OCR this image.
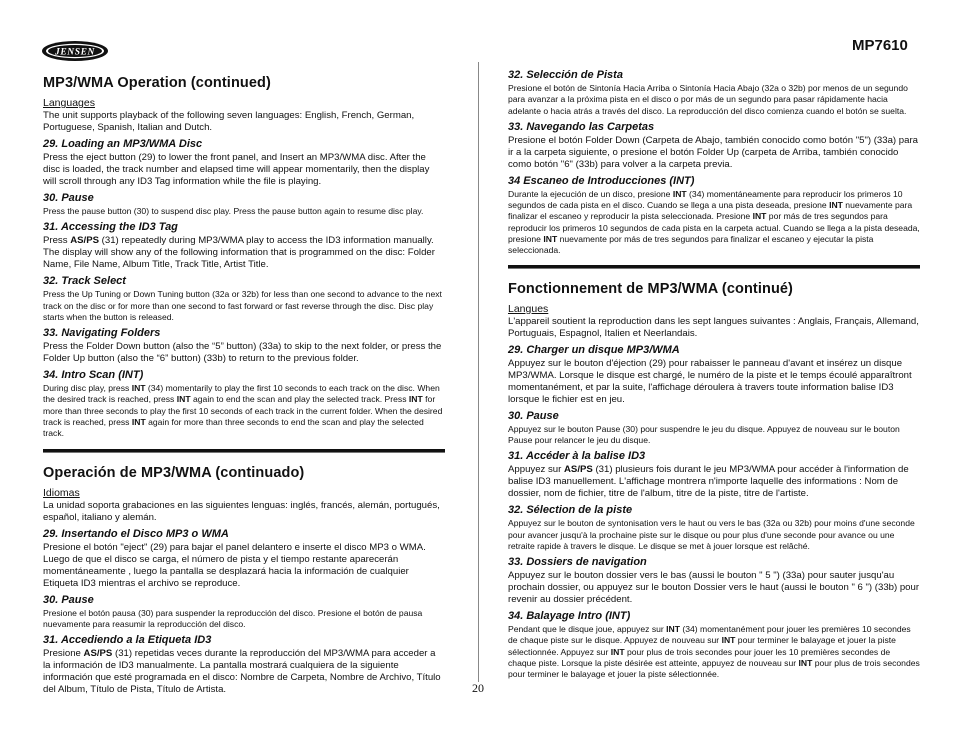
JENSEN	MP7610
MP3/WMA Operation (continued)
Languages

The unit supports playback of the following seven languages: English, French, German, Portuguese, Spanish, Italian and Dutch.

29. Loading an MP3/WMA Disc

Press the eject button (29) to lower the front panel, and Insert an MP3/WMA disc. After the disc is loaded, the track number and elapsed time will appear momentarily, then the display will scroll through any ID3 Tag information while the file is playing.

30. Pause

Press the pause button (30) to suspend disc play. Press the pause button again to resume disc play.

31. Accessing the ID3 Tag

Press AS/PS (31) repeatedly during MP3/WMA play to access the ID3 information manually. The display will show any of the following information that is programmed on the disc: Folder Name, File Name, Album Title, Track Title, Artist Title.

32. Track Select

Press the Up Tuning or Down Tuning button (32a or 32b) for less than one second to advance to the next track on the disc or for more than one second to fast forward or fast reverse through the disc. Disc play starts when the button is released.

33. Navigating Folders

Press the Folder Down button (also the “5” button) (33a) to skip to the next folder, or press the Folder Up button (also the “6” button) (33b) to return to the previous folder.

34. Intro Scan (INT)

During disc play, press INT (34) momentarily to play the first 10 seconds to each track on the disc. When the desired track is reached, press INT again to end the scan and play the selected track. Press INT for more than three seconds to play the first 10 seconds of each track in the current folder. When the desired track is reached, press INT again for more than three seconds to end the scan and play the selected track.

Operación de MP3/WMA (continuado)
Idiomas

La unidad soporta grabaciones en las siguientes lenguas: inglés, francés, alemán, portugués, español, italiano y alemán.

29. Insertando el Disco MP3 o WMA

Presione el botón "eject" (29) para bajar el panel delantero e inserte el disco MP3 o WMA. Luego de que el disco se carga, el número de pista y el tiempo restante aparecerán momentáneamente , luego la pantalla se desplazará hacia la información de cualquier Etiqueta ID3 mientras el archivo se reproduce.

30. Pause

Presione el botón pausa (30) para suspender la reproducción del disco. Presione el botón de pausa nuevamente para reasumir la reproducción del disco.

31. Accediendo a la Etiqueta ID3

Presione AS/PS (31) repetidas veces durante la reproducción del MP3/WMA para acceder a la información de ID3 manualmente. La pantalla mostrará cualquiera de la siguiente información que esté programada en el disco: Nombre de Carpeta, Nombre de Archivo, Título del Album, Título de Pista, Título de Artista.

32. Selección de Pista

Presione el botón de Sintonía Hacia Arriba o Sintonía Hacia Abajo (32a o 32b) por menos de un segundo para avanzar a la próxima pista en el disco o por más de un segundo para pasar rápidamente hacia adelante o hacia atrás a través del disco. La reproducción del disco comienza cuando el botón se suelta.

33. Navegando las Carpetas

Presione el botón Folder Down (Carpeta de Abajo, también conocido como botón "5") (33a) para ir a la carpeta siguiente, o presione el botón Folder Up (carpeta de Arriba, también conocido como botón "6" (33b) para volver a la carpeta previa.

34 Escaneo de Introducciones (INT)

Durante la ejecución de un disco, presione INT (34) momentáneamente para reproducir los primeros 10 segundos de cada pista en el disco. Cuando se llega a una pista deseada, presione INT nuevamente para finalizar el escaneo y reproducir la pista seleccionada. Presione INT por más de tres segundos para reproducir los primeros 10 segundos de cada pista en la carpeta actual. Cuando se llega a la pista deseada, presione INT nuevamente por más de tres segundos para finalizar el escaneo y ejecutar la pista seleccionada.

Fonctionnement de MP3/WMA (continué)
Langues

L'appareil soutient la reproduction dans les sept langues suivantes : Anglais, Français, Allemand, Portuguais, Espagnol, Italien et Neerlandais.

29. Charger un disque MP3/WMA

Appuyez sur le bouton d'éjection (29) pour rabaisser le panneau d'avant et insérez un disque MP3/WMA. Lorsque le disque est chargé, le numéro de la piste et le temps écoulé apparaîtront momentanément, et par la suite, l'affichage déroulera à travers toute information balise ID3 lorsque le fichier est en jeu.

30. Pause

Appuyez sur le bouton Pause (30) pour suspendre le jeu du disque. Appuyez de nouveau sur le bouton Pause pour relancer le jeu du disque.

31. Accéder à la balise ID3

Appuyez sur AS/PS (31) plusieurs fois durant le jeu MP3/WMA pour accéder à l'information de balise ID3 manuellement. L'affichage montrera n'importe laquelle des informations : Nom de dossier, nom de fichier, titre de l'album, titre de la piste, titre de l'artiste.

32. Sélection de la piste

Appuyez sur le bouton de syntonisation vers le haut ou vers le bas (32a ou 32b) pour moins d'une seconde pour avancer jusqu'à la prochaine piste sur le disque ou pour plus d'une seconde pour avance ou une retraite rapide à travers le disque. Le disque se met à jouer lorsque est relâché.

33. Dossiers de navigation

Appuyez sur le bouton dossier vers le bas (aussi le bouton " 5 ") (33a) pour sauter jusqu'au prochain dossier, ou appuyez sur le bouton Dossier vers le haut (aussi le bouton " 6 ") (33b) pour revenir au dossier précédent.

34. Balayage Intro (INT)

Pendant que le disque joue, appuyez sur INT (34) momentanément pour jouer les premières 10 secondes de chaque piste sur le disque. Appuyez de nouveau sur INT pour terminer le balayage et jouer la piste sélectionnée. Appuyez sur INT pour plus de trois secondes pour jouer les 10 premières secondes de chaque piste. Lorsque la piste désirée est atteinte, appuyez de nouveau sur INT pour plus de trois secondes pour terminer le balayage et jouer la piste sélectionnée.

20
